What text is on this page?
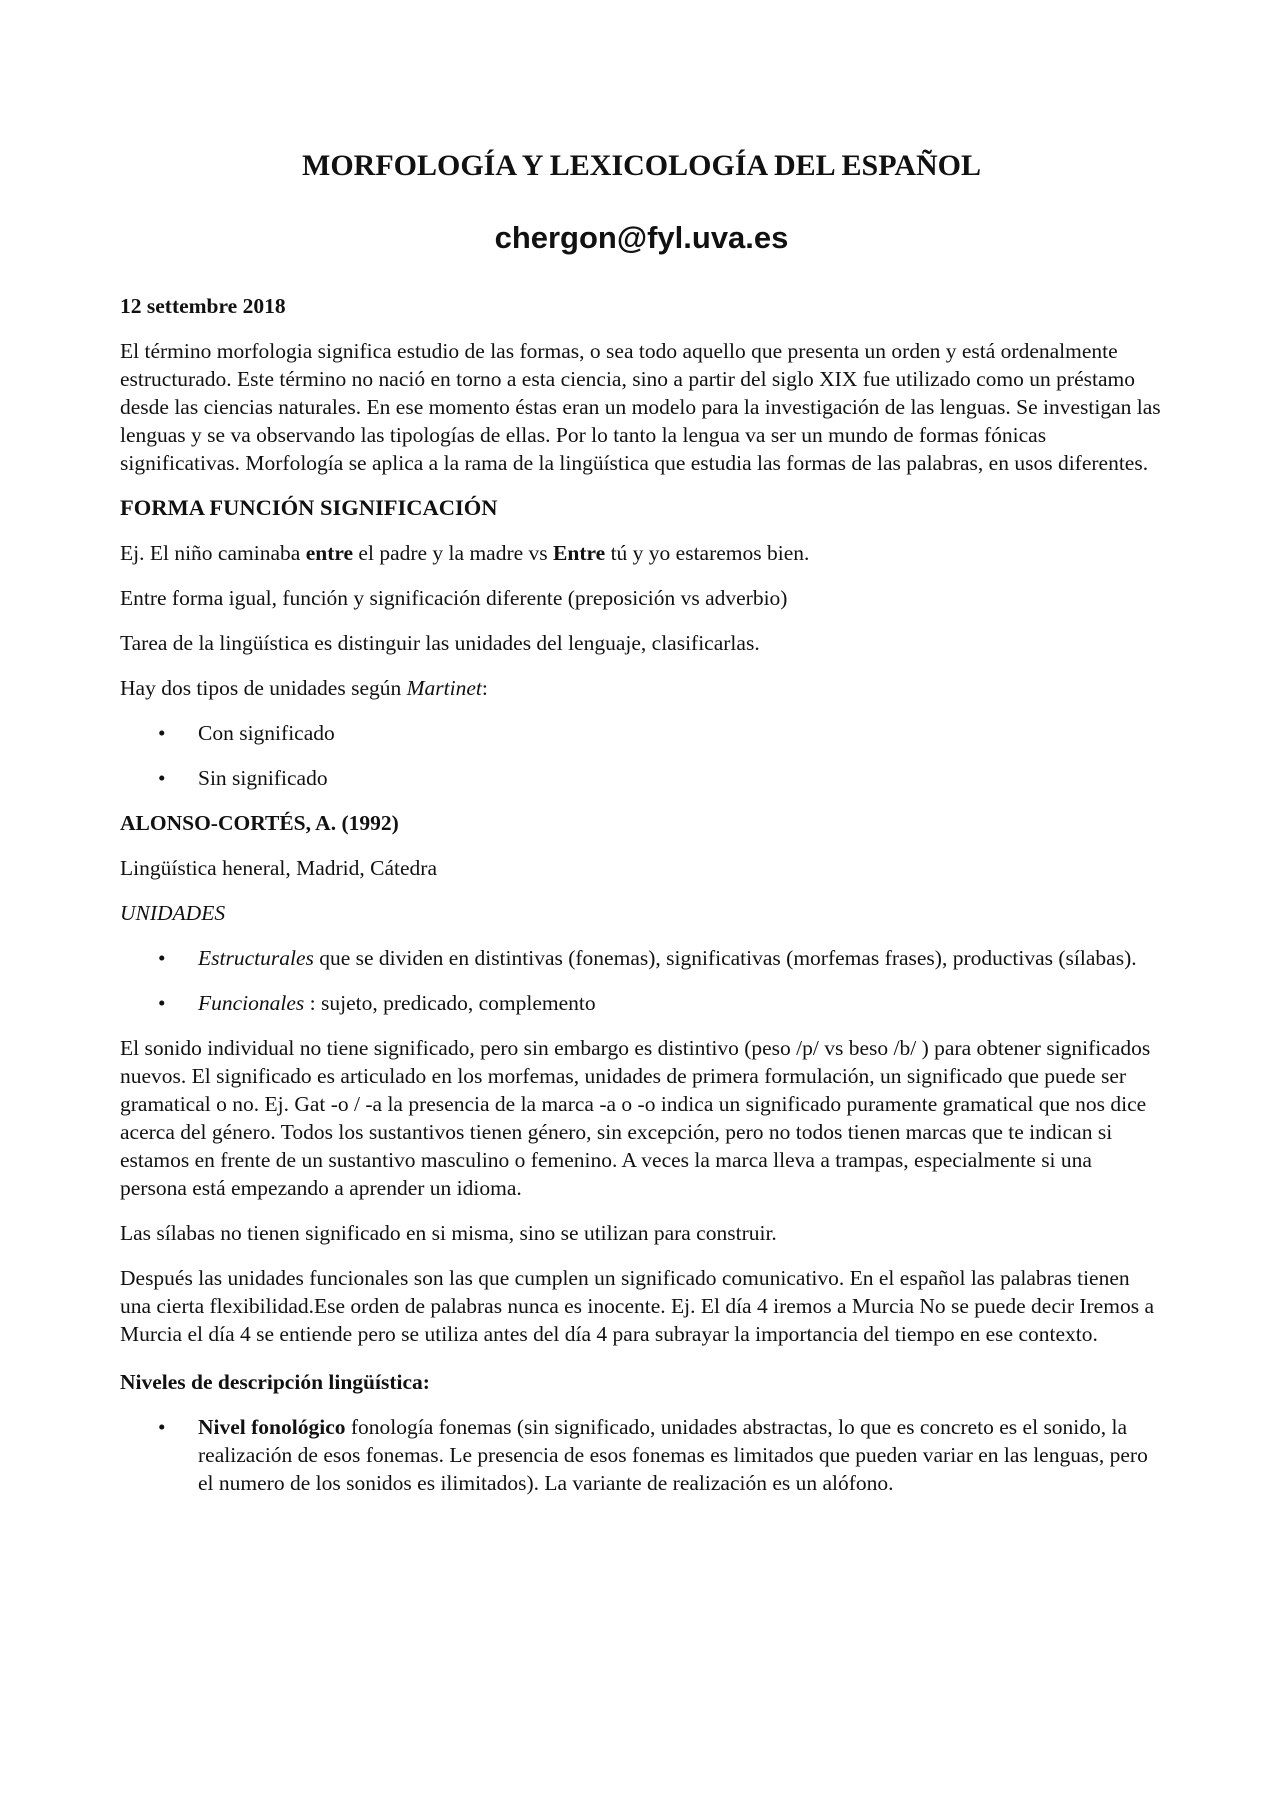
MORFOLOGÍA Y LEXICOLOGÍA DEL ESPAÑOL
chergon@fyl.uva.es

12 settembre 2018

El término morfologia significa estudio de las formas, o sea todo aquello que presenta un orden y está ordenalmente estructurado. Este término no nació en torno a esta ciencia, sino a partir del siglo XIX fue utilizado como un préstamo desde las ciencias naturales. En ese momento éstas eran un modelo para la investigación de las lenguas. Se investigan las lenguas y se va observando las tipologías de ellas. Por lo tanto la lengua va ser un mundo de formas fónicas significativas. Morfología se aplica a la rama de la lingüística que estudia las formas de las palabras, en usos diferentes.

FORMA FUNCIÓN SIGNIFICACIÓN

Ej. El niño caminaba entre el padre y la madre vs Entre tú y yo estaremos bien.

Entre forma igual, función y significación diferente (preposición vs adverbio)

Tarea de la lingüística es distinguir las unidades del lenguaje, clasificarlas.

Hay dos tipos de unidades según Martinet:

• Con significado
• Sin significado

ALONSO-CORTÉS, A. (1992)

Lingüística heneral, Madrid, Cátedra

UNIDADES

• Estructurales que se dividen en distintivas (fonemas), significativas (morfemas frases), productivas (sílabas).
• Funcionales : sujeto, predicado, complemento

El sonido individual no tiene significado, pero sin embargo es distintivo (peso /p/ vs beso /b/ ) para obtener significados nuevos. El significado es articulado en los morfemas, unidades de primera formulación, un significado que puede ser gramatical o no. Ej. Gat -o / -a la presencia de la marca -a o -o indica un significado puramente gramatical que nos dice acerca del género. Todos los sustantivos tienen género, sin excepción, pero no todos tienen marcas que te indican si estamos en frente de un sustantivo masculino o femenino. A veces la marca lleva a trampas, especialmente si una persona está empezando a aprender un idioma.

Las sílabas no tienen significado en si misma, sino se utilizan para construir.

Después las unidades funcionales son las que cumplen un significado comunicativo. En el español las palabras tienen una cierta flexibilidad.Ese orden de palabras nunca es inocente. Ej. El día 4 iremos a Murcia No se puede decir Iremos a Murcia el día 4 se entiende pero se utiliza antes del día 4 para subrayar la importancia del tiempo en ese contexto.

Niveles de descripción lingüística:

• Nivel fonológico fonología fonemas (sin significado, unidades abstractas, lo que es concreto es el sonido, la realización de esos fonemas. Le presencia de esos fonemas es limitados que pueden variar en las lenguas, pero el numero de los sonidos es ilimitados). La variante de realización es un alófono.
